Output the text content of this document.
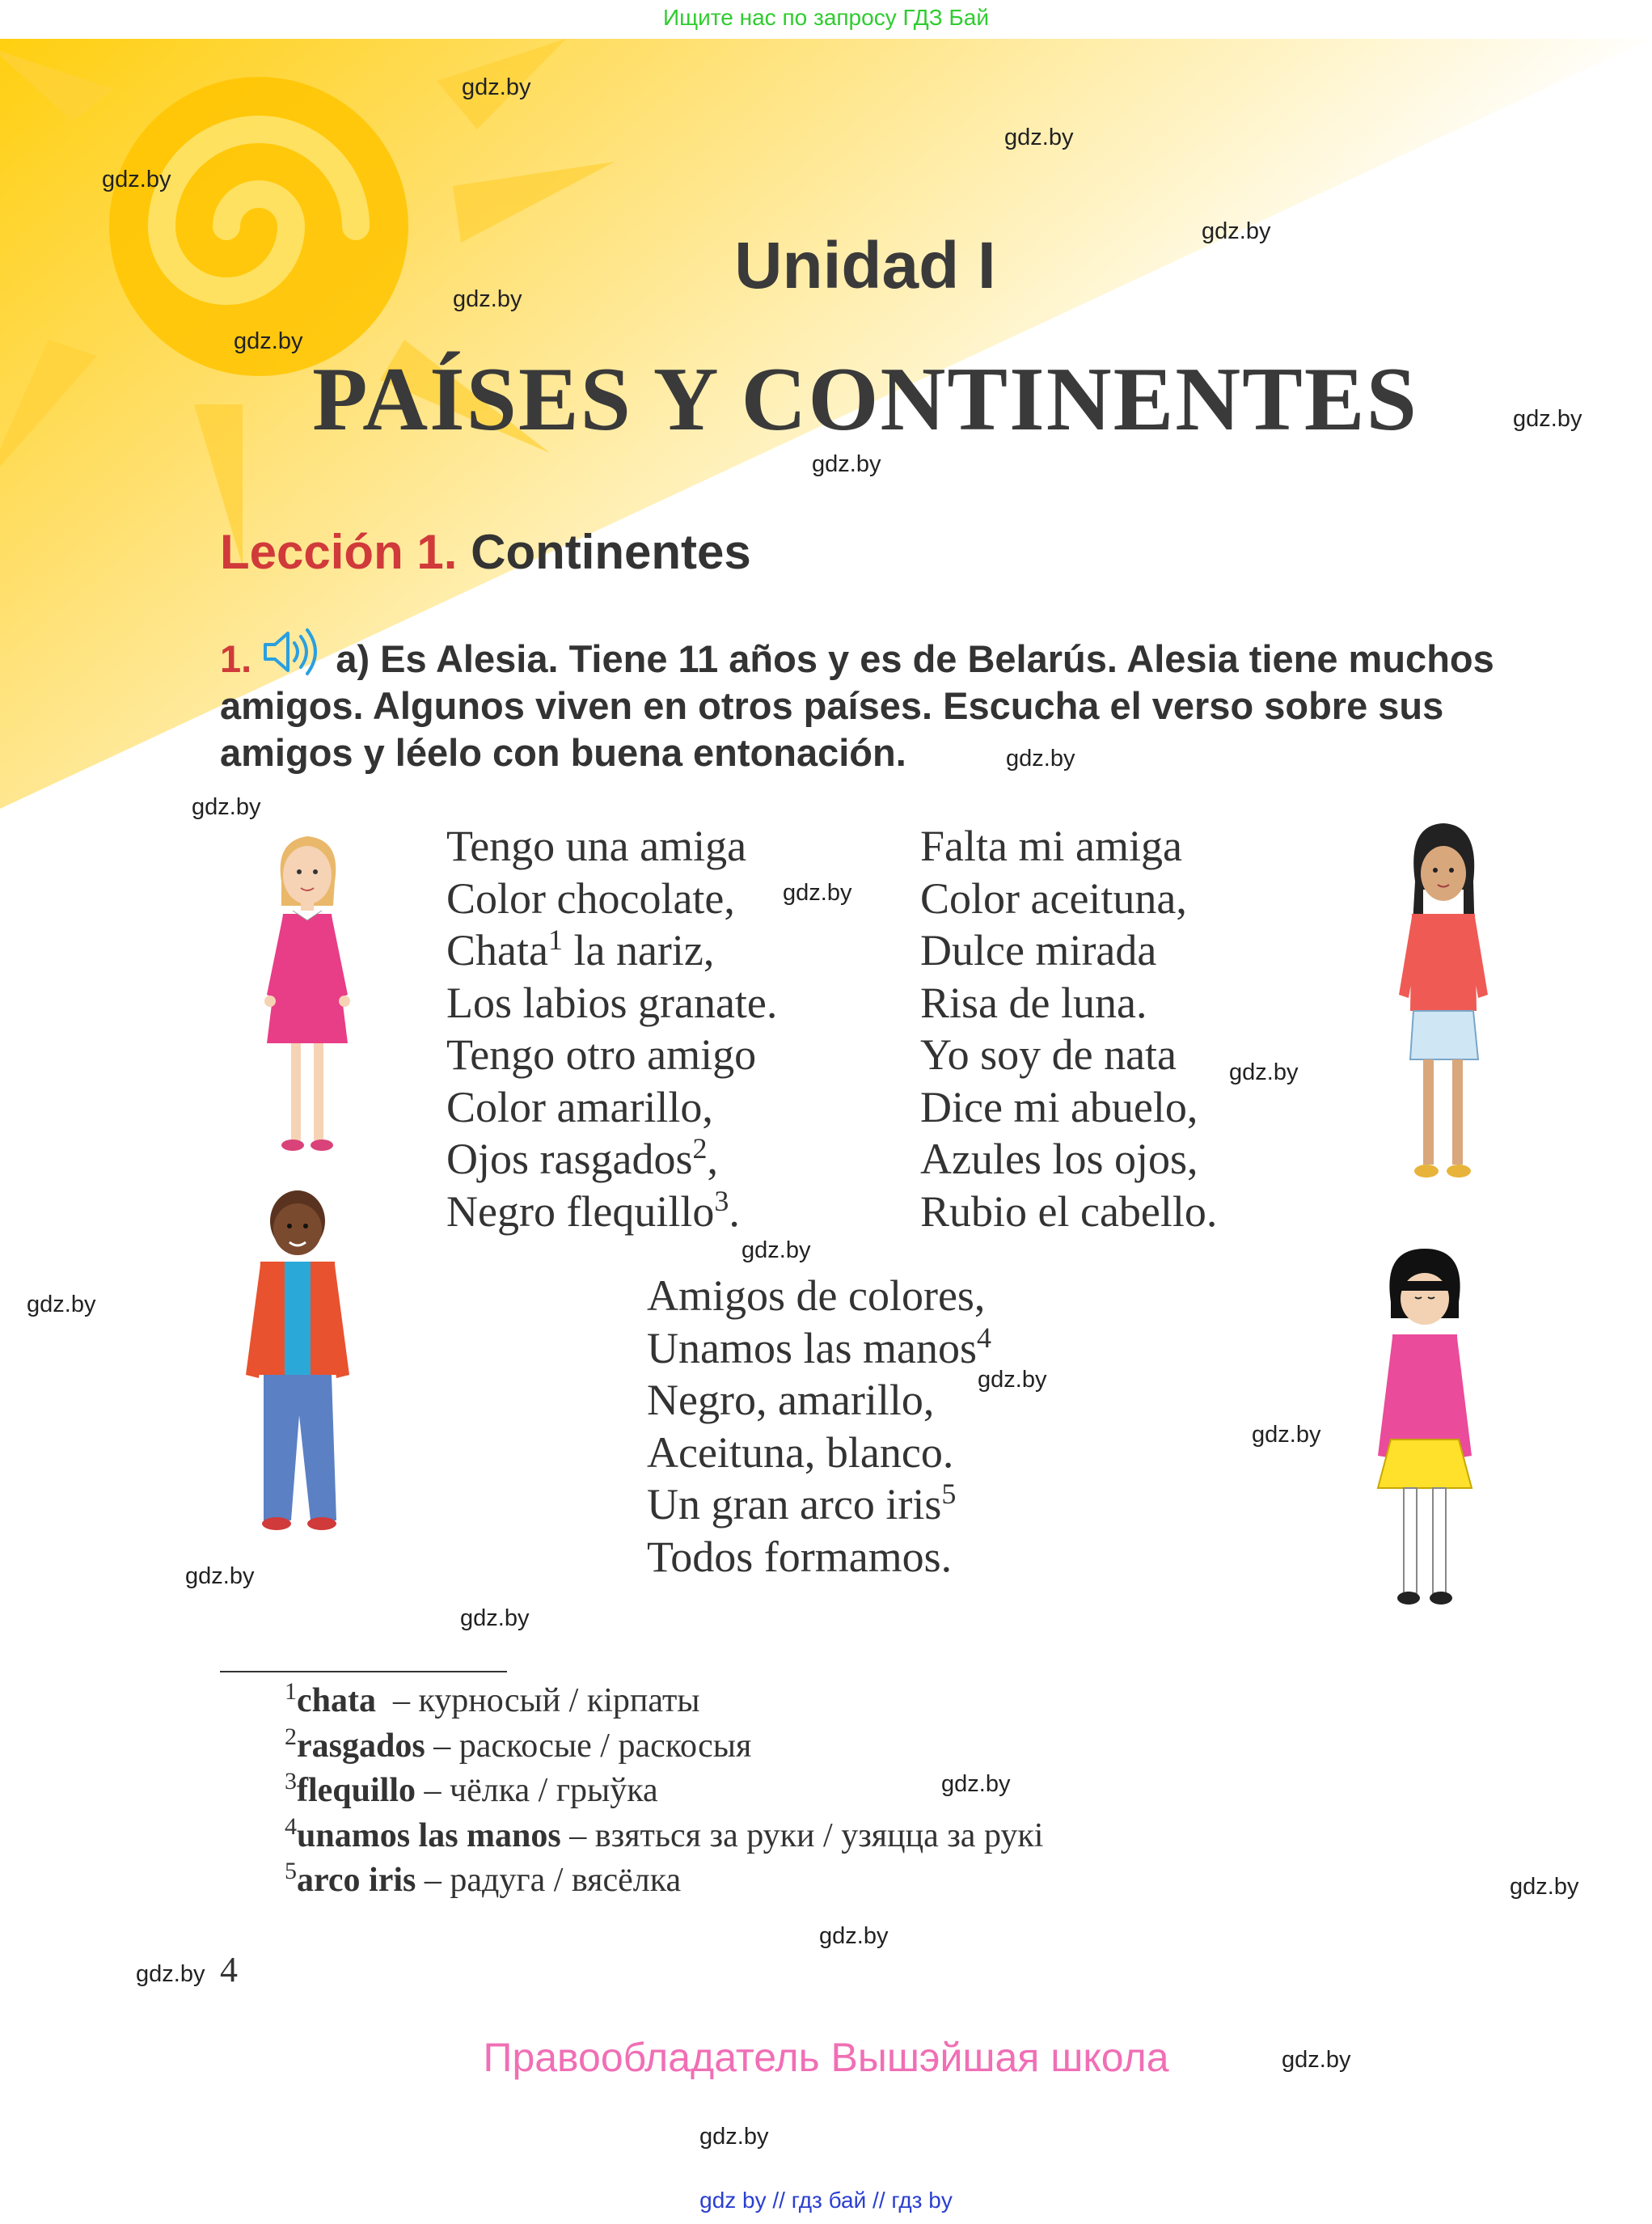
Ищите нас по запросу ГДЗ Бай
gdz.by
gdz.by
gdz.by
gdz.by
gdz.by
gdz.by
gdz.by
gdz.by
gdz.by
gdz.by
gdz.by
gdz.by
gdz.by
gdz.by
gdz.by
gdz.by
gdz.by
gdz.by
gdz.by
gdz.by
gdz.by
gdz.by
gdz.by
gdz.by
Unidad I
PAÍSES Y CONTINENTES
Lección 1. Continentes
1. a) Es Alesia. Tiene 11 años y es de Belarús. Alesia tiene muchos amigos. Algunos viven en otros países. Escucha el verso sobre sus amigos y léelo con buena entonación.
Tengo una amiga
Color chocolate,
Chata$^1$ la nariz,
Los labios granate.
Tengo otro amigo
Color amarillo,
Ojos rasgados$^2$,
Negro flequillo$^3$.
Falta mi amiga
Color aceituna,
Dulce mirada
Risa de luna.
Yo soy de nata
Dice mi abuelo,
Azules los ojos,
Rubio el cabello.
Amigos de colores,
Unamos las manos$^4$
Negro, amarillo,
Aceituna, blanco.
Un gran arco iris$^5$
Todos formamos.
$^1$chata  – курносый / кірпаты
$^2$rasgados – раскосые / раскосыя
$^3$flequillo – чёлка / грыўка
$^4$unamos las manos – взяться за руки / узяцца за рукі
$^5$arco iris – радуга / вясёлка
4
Правообладатель Вышэйшая школа
gdz by // гдз бай // гдз by
